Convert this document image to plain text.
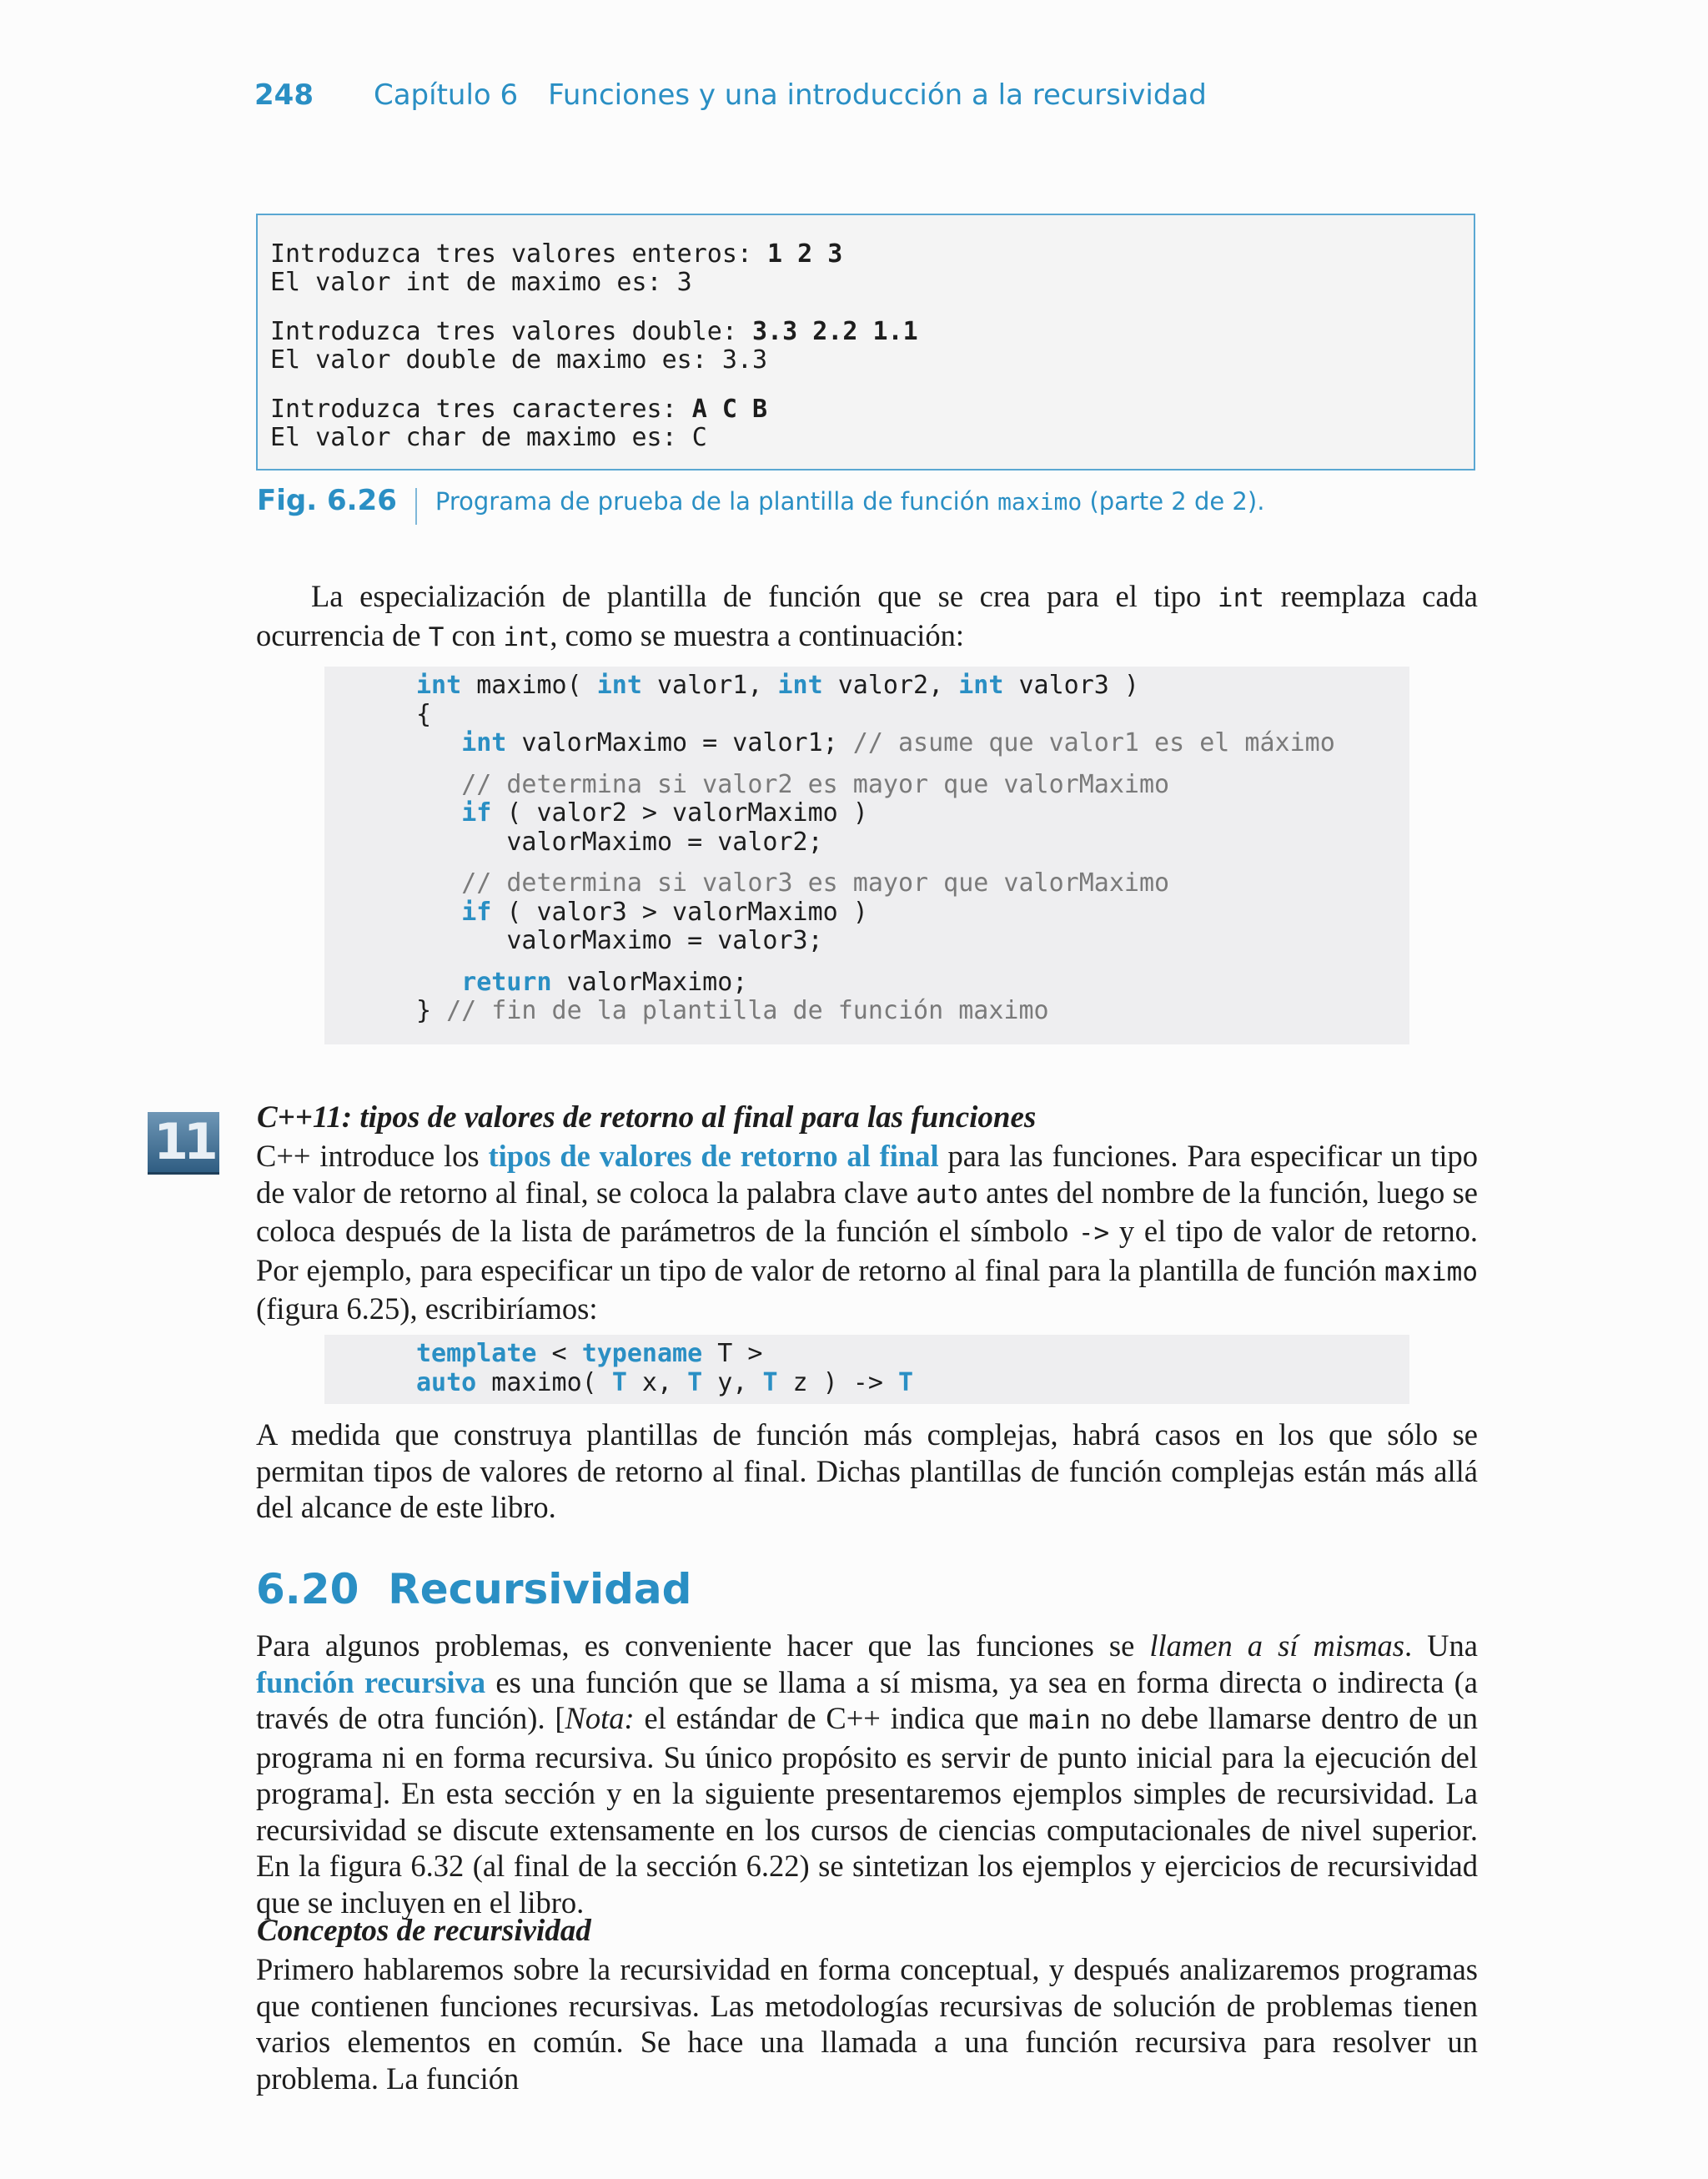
248 Capítulo 6 Funciones y una introducción a la recursividad
Introduzca tres valores enteros: 1 2 3
El valor int de maximo es: 3
Introduzca tres valores double: 3.3 2.2 1.1
El valor double de maximo es: 3.3
Introduzca tres caracteres: A C B
El valor char de maximo es: C
Fig. 6.26 Programa de prueba de la plantilla de función maximo (parte 2 de 2).
La especialización de plantilla de función que se crea para el tipo int reemplaza cada ocurrencia de T con int, como se muestra a continuación:
int maximo( int valor1, int valor2, int valor3 )
{
int valorMaximo = valor1; // asume que valor1 es el máximo
// determina si valor2 es mayor que valorMaximo
if ( valor2 > valorMaximo )
valorMaximo = valor2;
// determina si valor3 es mayor que valorMaximo
if ( valor3 > valorMaximo )
valorMaximo = valor3;
return valorMaximo;
} // fin de la plantilla de función maximo
11 C++11: tipos de valores de retorno al final para las funciones
C++ introduce los tipos de valores de retorno al final para las funciones. Para especificar un tipo de valor de retorno al final, se coloca la palabra clave auto antes del nombre de la función, luego se coloca después de la lista de parámetros de la función el símbolo -> y el tipo de valor de retorno. Por ejemplo, para especificar un tipo de valor de retorno al final para la plantilla de función maximo (figura 6.25), escribiríamos:
template < typename T >
auto maximo( T x, T y, T z ) -> T
A medida que construya plantillas de función más complejas, habrá casos en los que sólo se permitan tipos de valores de retorno al final. Dichas plantillas de función complejas están más allá del alcance de este libro.
6.20 Recursividad
Para algunos problemas, es conveniente hacer que las funciones se llamen a sí mismas. Una función recursiva es una función que se llama a sí misma, ya sea en forma directa o indirecta (a través de otra función). [Nota: el estándar de C++ indica que main no debe llamarse dentro de un programa ni en forma recursiva. Su único propósito es servir de punto inicial para la ejecución del programa]. En esta sección y en la siguiente presentaremos ejemplos simples de recursividad. La recursividad se discute extensamente en los cursos de ciencias computacionales de nivel superior. En la figura 6.32 (al final de la sección 6.22) se sintetizan los ejemplos y ejercicios de recursividad que se incluyen en el libro.
Conceptos de recursividad
Primero hablaremos sobre la recursividad en forma conceptual, y después analizaremos programas que contienen funciones recursivas. Las metodologías recursivas de solución de problemas tienen varios elementos en común. Se hace una llamada a una función recursiva para resolver un problema. La función
